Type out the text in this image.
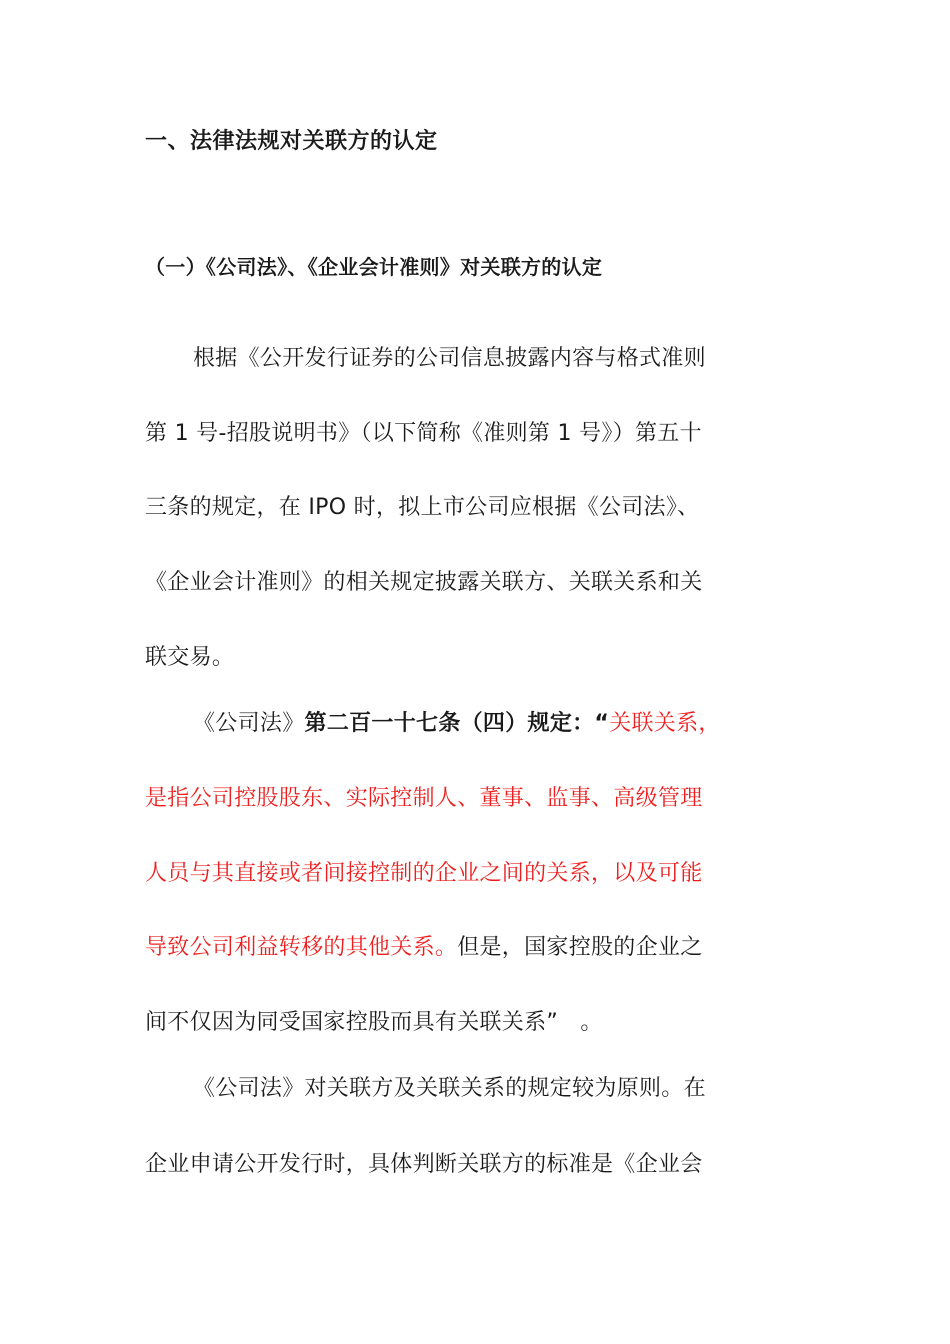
一、法律法规对关联方的认定
（一）《公司法》、《企业会计准则》对关联方的认定
根据《公开发行证券的公司信息披露内容与格式准则
第 1 号-招股说明书》（以下简称《准则第 1 号》）第五十
三条的规定，在 IPO 时，拟上市公司应根据《公司法》、
《企业会计准则》的相关规定披露关联方、关联关系和关
联交易。
《公司法》第二百一十七条（四）规定：“关联关系，
是指公司控股股东、实际控制人、董事、监事、高级管理
人员与其直接或者间接控制的企业之间的关系，以及可能
导致公司利益转移的其他关系。但是，国家控股的企业之
间不仅因为同受国家控股而具有关联关系”　。
《公司法》对关联方及关联关系的规定较为原则。在
企业申请公开发行时，具体判断关联方的标准是《企业会
